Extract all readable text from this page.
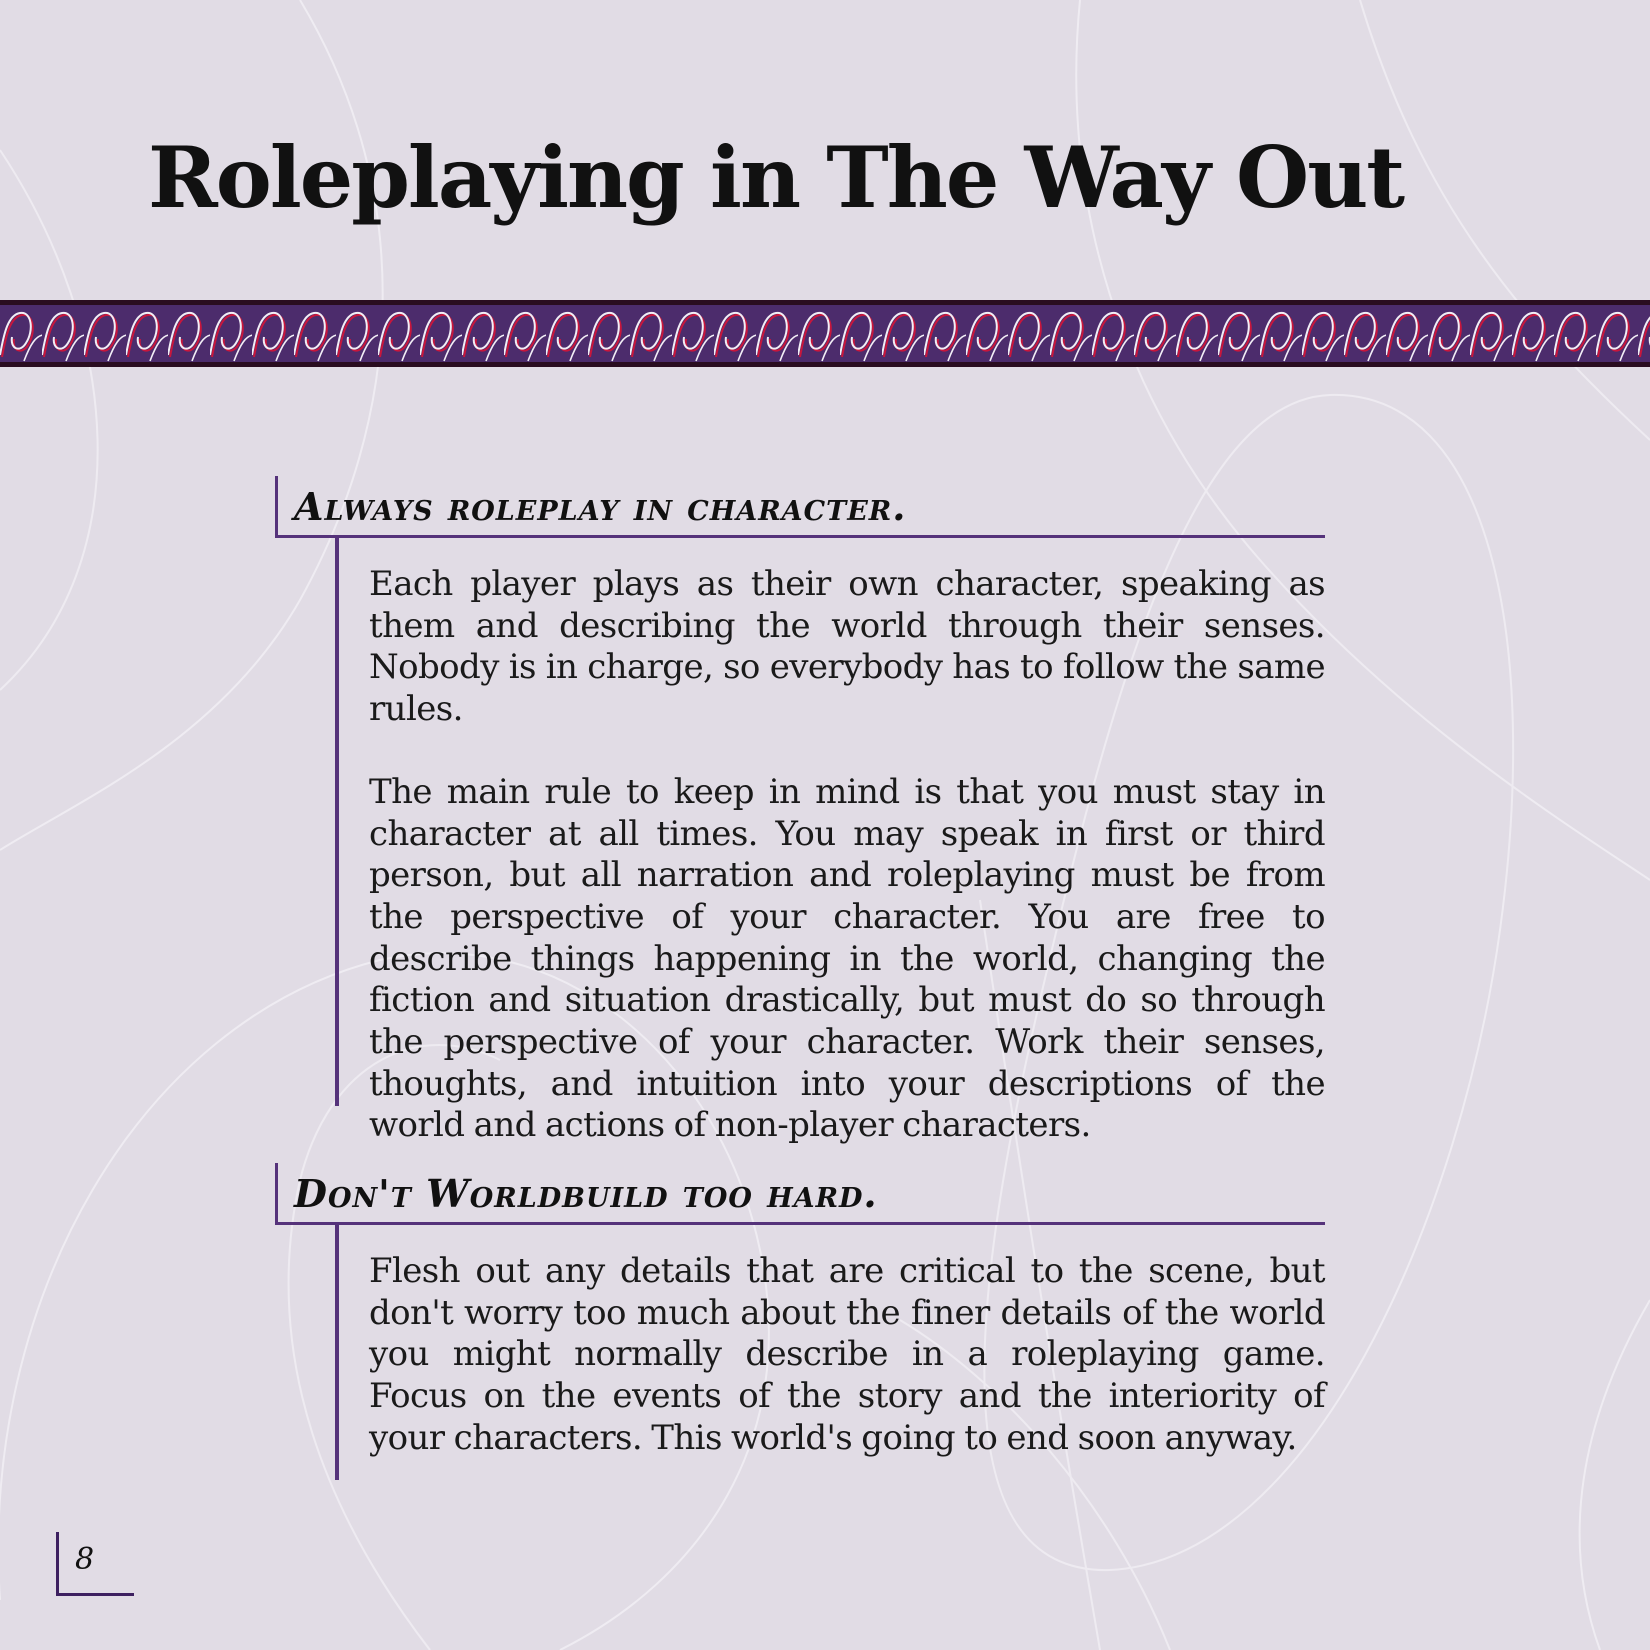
Roleplaying in The Way Out
Always roleplay in character.

Each player plays as their own character, speaking as them and describing the world through their senses. Nobody is in charge, so everybody has to follow the same rules.

The main rule to keep in mind is that you must stay in character at all times. You may speak in first or third person, but all narration and roleplaying must be from the perspective of your character. You are free to describe things happening in the world, changing the fiction and situation drastically, but must do so through the perspective of your character. Work their senses, thoughts, and intuition into your descriptions of the world and actions of non-player characters.

Don't Worldbuild too hard.

Flesh out any details that are critical to the scene, but don't worry too much about the finer details of the world you might normally describe in a roleplaying game. Focus on the events of the story and the interiority of your characters. This world's going to end soon anyway.

8
